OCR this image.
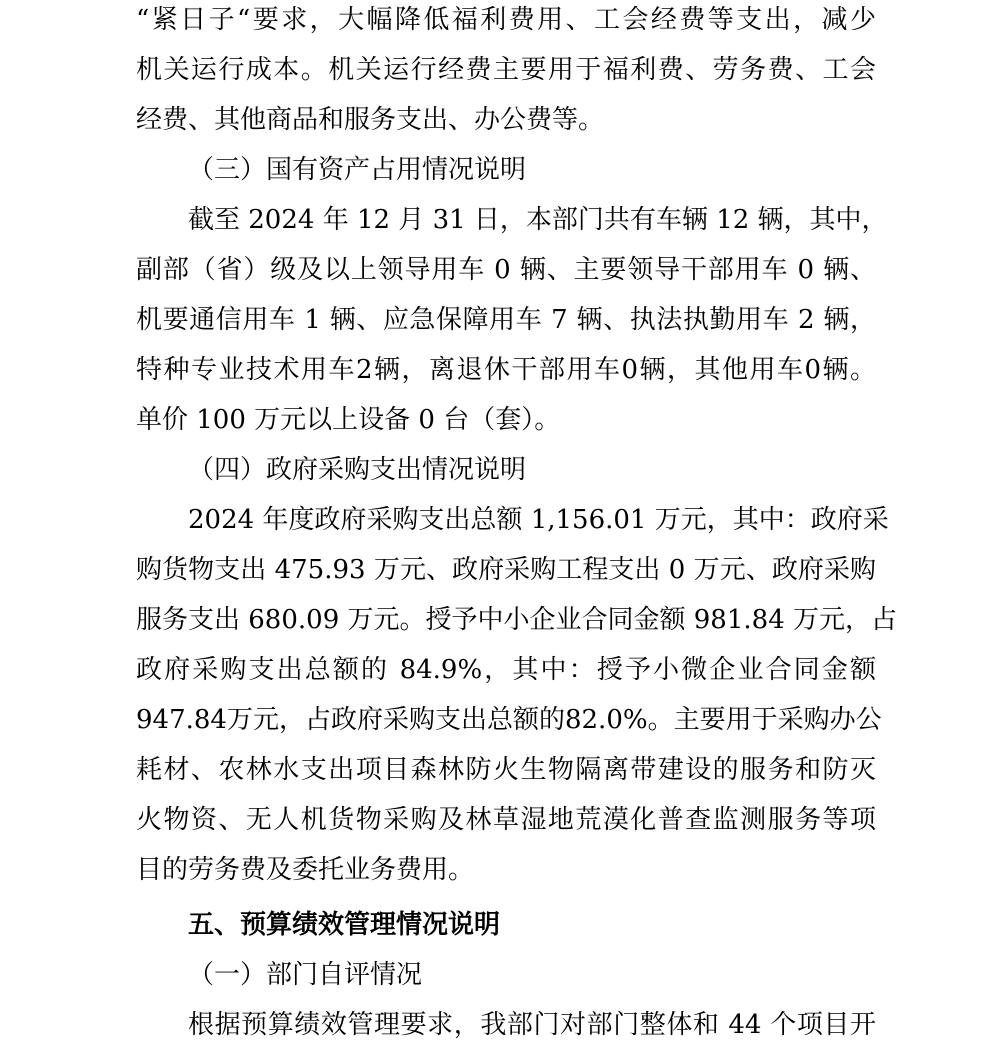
“紧日子“要求，大幅降低福利费用、工会经费等支出，减少
机关运行成本。机关运行经费主要用于福利费、劳务费、工会
经费、其他商品和服务支出、办公费等。
（三）国有资产占用情况说明
截至 2024 年 12 月 31 日，本部门共有车辆 12 辆，其中，
副部（省）级及以上领导用车 0 辆、主要领导干部用车 0 辆、
机要通信用车 1 辆、应急保障用车 7 辆、执法执勤用车 2 辆，
特种专业技术用车2辆，离退休干部用车0辆，其他用车0辆。
单价 100 万元以上设备 0 台（套）。
（四）政府采购支出情况说明
2024 年度政府采购支出总额 1,156.01 万元，其中：政府采
购货物支出 475.93 万元、政府采购工程支出 0 万元、政府采购
服务支出 680.09 万元。授予中小企业合同金额 981.84 万元，占
政府采购支出总额的 84.9%，其中：授予小微企业合同金额
947.84万元，占政府采购支出总额的82.0%。主要用于采购办公
耗材、农林水支出项目森林防火生物隔离带建设的服务和防灭
火物资、无人机货物采购及林草湿地荒漠化普查监测服务等项
目的劳务费及委托业务费用。
五、预算绩效管理情况说明
（一）部门自评情况
根据预算绩效管理要求，我部门对部门整体和 44 个项目开
